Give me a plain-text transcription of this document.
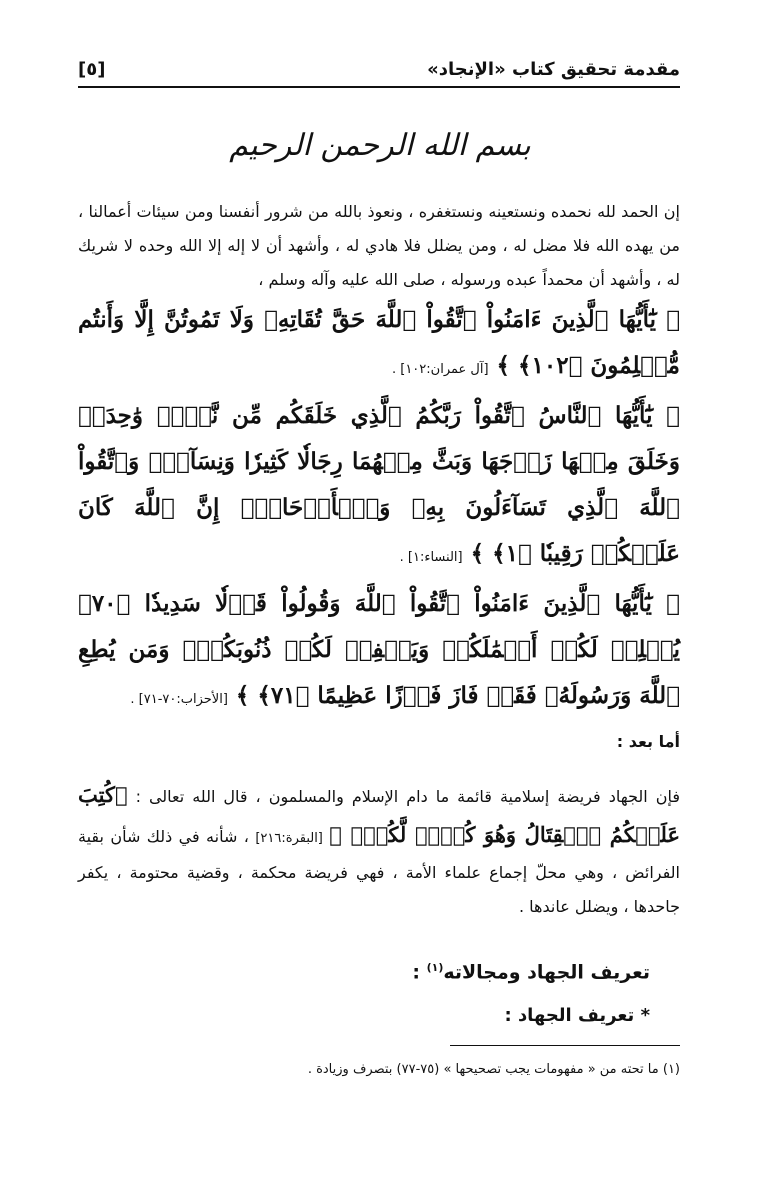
مقدمة تحقيق كتاب «الإنجاد»
[٥]
بسم الله الرحمن الرحيم

إن الحمد لله نحمده ونستعينه ونستغفره ، ونعوذ بالله من شرور أنفسنا ومن سيئات أعمالنا ، من يهده الله فلا مضل له ، ومن يضلل فلا هادي له ، وأشهد أن لا إله إلا الله وحده لا شريك له ، وأشهد أن محمداً عبده ورسوله ، صلى الله عليه وآله وسلم ،

﴿ يَٰٓأَيُّهَا ٱلَّذِينَ ءَامَنُواْ ٱتَّقُواْ ٱللَّهَ حَقَّ تُقَاتِهِۦ وَلَا تَمُوتُنَّ إِلَّا وَأَنتُم مُّسۡلِمُونَ ﴿١٠٢﴾ ﴾ [آل عمران:١٠٢] .

﴿ يَٰٓأَيُّهَا ٱلنَّاسُ ٱتَّقُواْ رَبَّكُمُ ٱلَّذِي خَلَقَكُم مِّن نَّفۡسٖ وَٰحِدَةٖ وَخَلَقَ مِنۡهَا زَوۡجَهَا وَبَثَّ مِنۡهُمَا رِجَالٗا كَثِيرٗا وَنِسَآءٗۚ وَٱتَّقُواْ ٱللَّهَ ٱلَّذِي تَسَآءَلُونَ بِهِۦ وَٱلۡأَرۡحَامَۚ إِنَّ ٱللَّهَ كَانَ عَلَيۡكُمۡ رَقِيبٗا ﴿١﴾ ﴾ [النساء:١] .

﴿ يَٰٓأَيُّهَا ٱلَّذِينَ ءَامَنُواْ ٱتَّقُواْ ٱللَّهَ وَقُولُواْ قَوۡلٗا سَدِيدٗا ﴿٧٠﴾ يُصۡلِحۡ لَكُمۡ أَعۡمَٰلَكُمۡ وَيَغۡفِرۡ لَكُمۡ ذُنُوبَكُمۡۗ وَمَن يُطِعِ ٱللَّهَ وَرَسُولَهُۥ فَقَدۡ فَازَ فَوۡزًا عَظِيمًا ﴿٧١﴾ ﴾ [الأحزاب:٧٠-٧١] .

أما بعد :

فإن الجهاد فريضة إسلامية قائمة ما دام الإسلام والمسلمون ، قال الله تعالى : ﴿كُتِبَ عَلَيۡكُمُ ٱلۡقِتَالُ وَهُوَ كُرۡهٞ لَّكُمۡۖ ﴾ [البقرة:٢١٦] ، شأنه في ذلك شأن بقية الفرائض ، وهي محلّ إجماع علماء الأمة ، فهي فريضة محكمة ، وقضية محتومة ، يكفر جاحدها ، ويضلل عاندها .

تعريف الجهاد ومجالاته$^{(١)}$ :
* تعريف الجهاد :
(١) ما تحته من « مفهومات يجب تصحيحها » (٧٥-٧٧) بتصرف وزيادة .
